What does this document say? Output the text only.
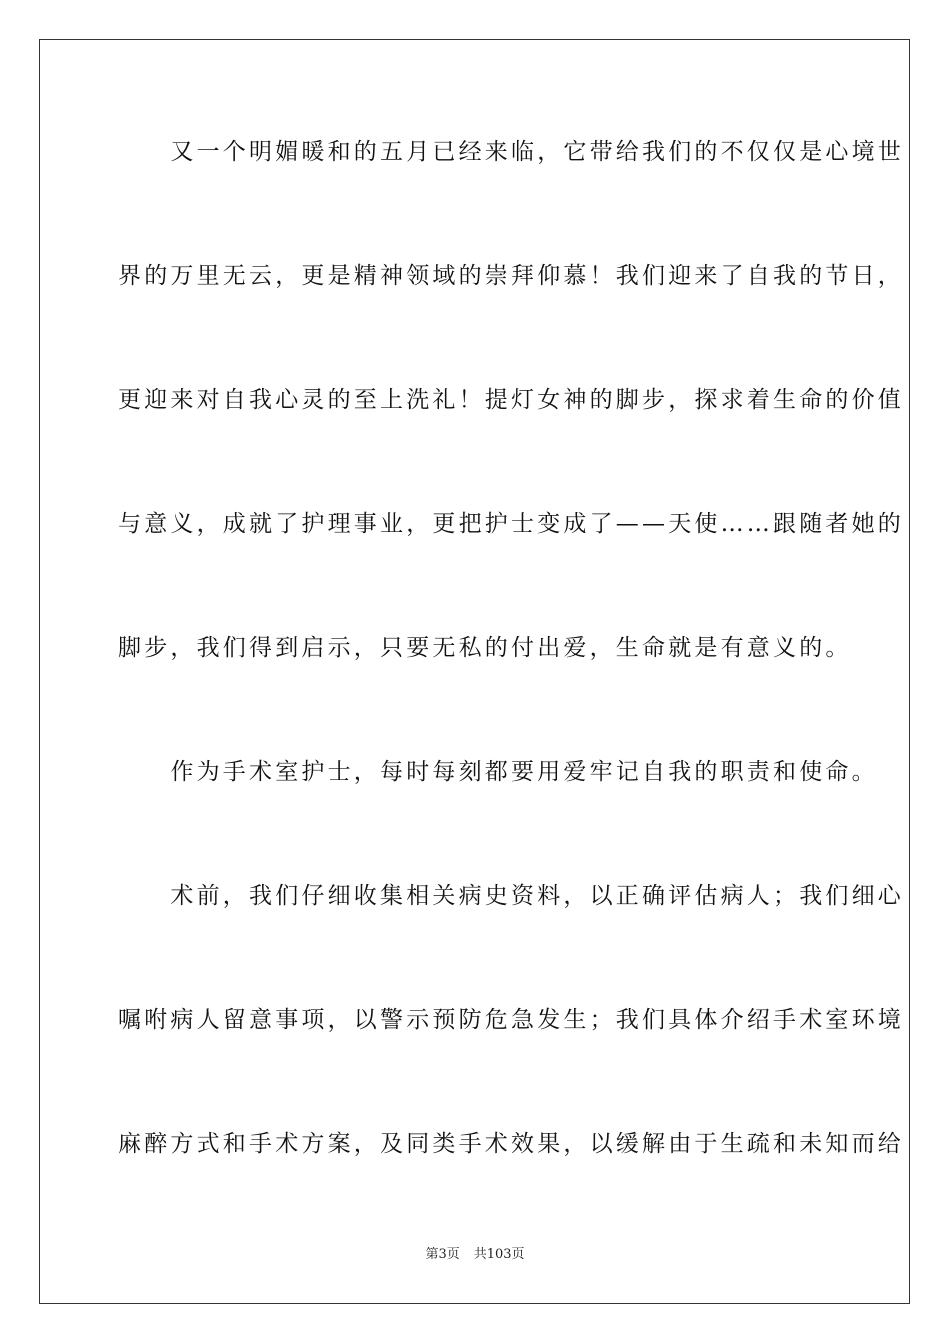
　　又一个明媚暖和的五月已经来临，它带给我们的不仅仅是心境世
界的万里无云，更是精神领域的崇拜仰慕！我们迎来了自我的节日，
更迎来对自我心灵的至上洗礼！提灯女神的脚步，探求着生命的价值
与意义，成就了护理事业，更把护士变成了——天使……跟随者她的
脚步，我们得到启示，只要无私的付出爱，生命就是有意义的。
　　作为手术室护士，每时每刻都要用爱牢记自我的职责和使命。
　　术前，我们仔细收集相关病史资料，以正确评估病人；我们细心
嘱咐病人留意事项，以警示预防危急发生；我们具体介绍手术室环境
麻醉方式和手术方案，及同类手术效果，以缓解由于生疏和未知而给
第3页 共103页
